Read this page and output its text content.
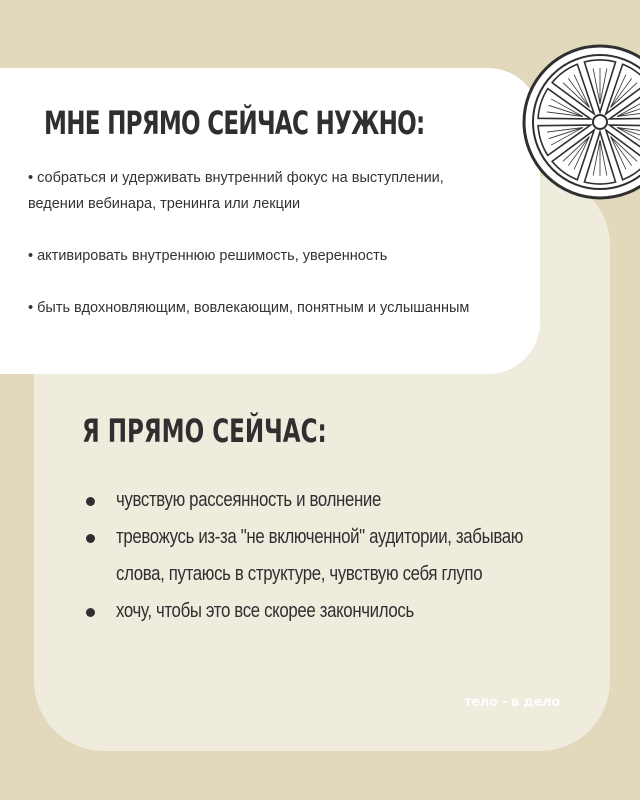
МНЕ ПРЯМО СЕЙЧАС НУЖНО:
• собраться и удерживать внутренний фокус на выступлении, ведении вебинара, тренинга или лекции
• активировать внутреннюю решимость, уверенность
• быть вдохновляющим, вовлекающим, понятным и услышанным
Я ПРЯМО СЕЙЧАС:
чувствую рассеянность и волнение
тревожусь из-за "не включенной" аудитории, забываю слова, путаюсь в структуре, чувствую себя глупо
хочу, чтобы это все скорее закончилось
тело - в дело
